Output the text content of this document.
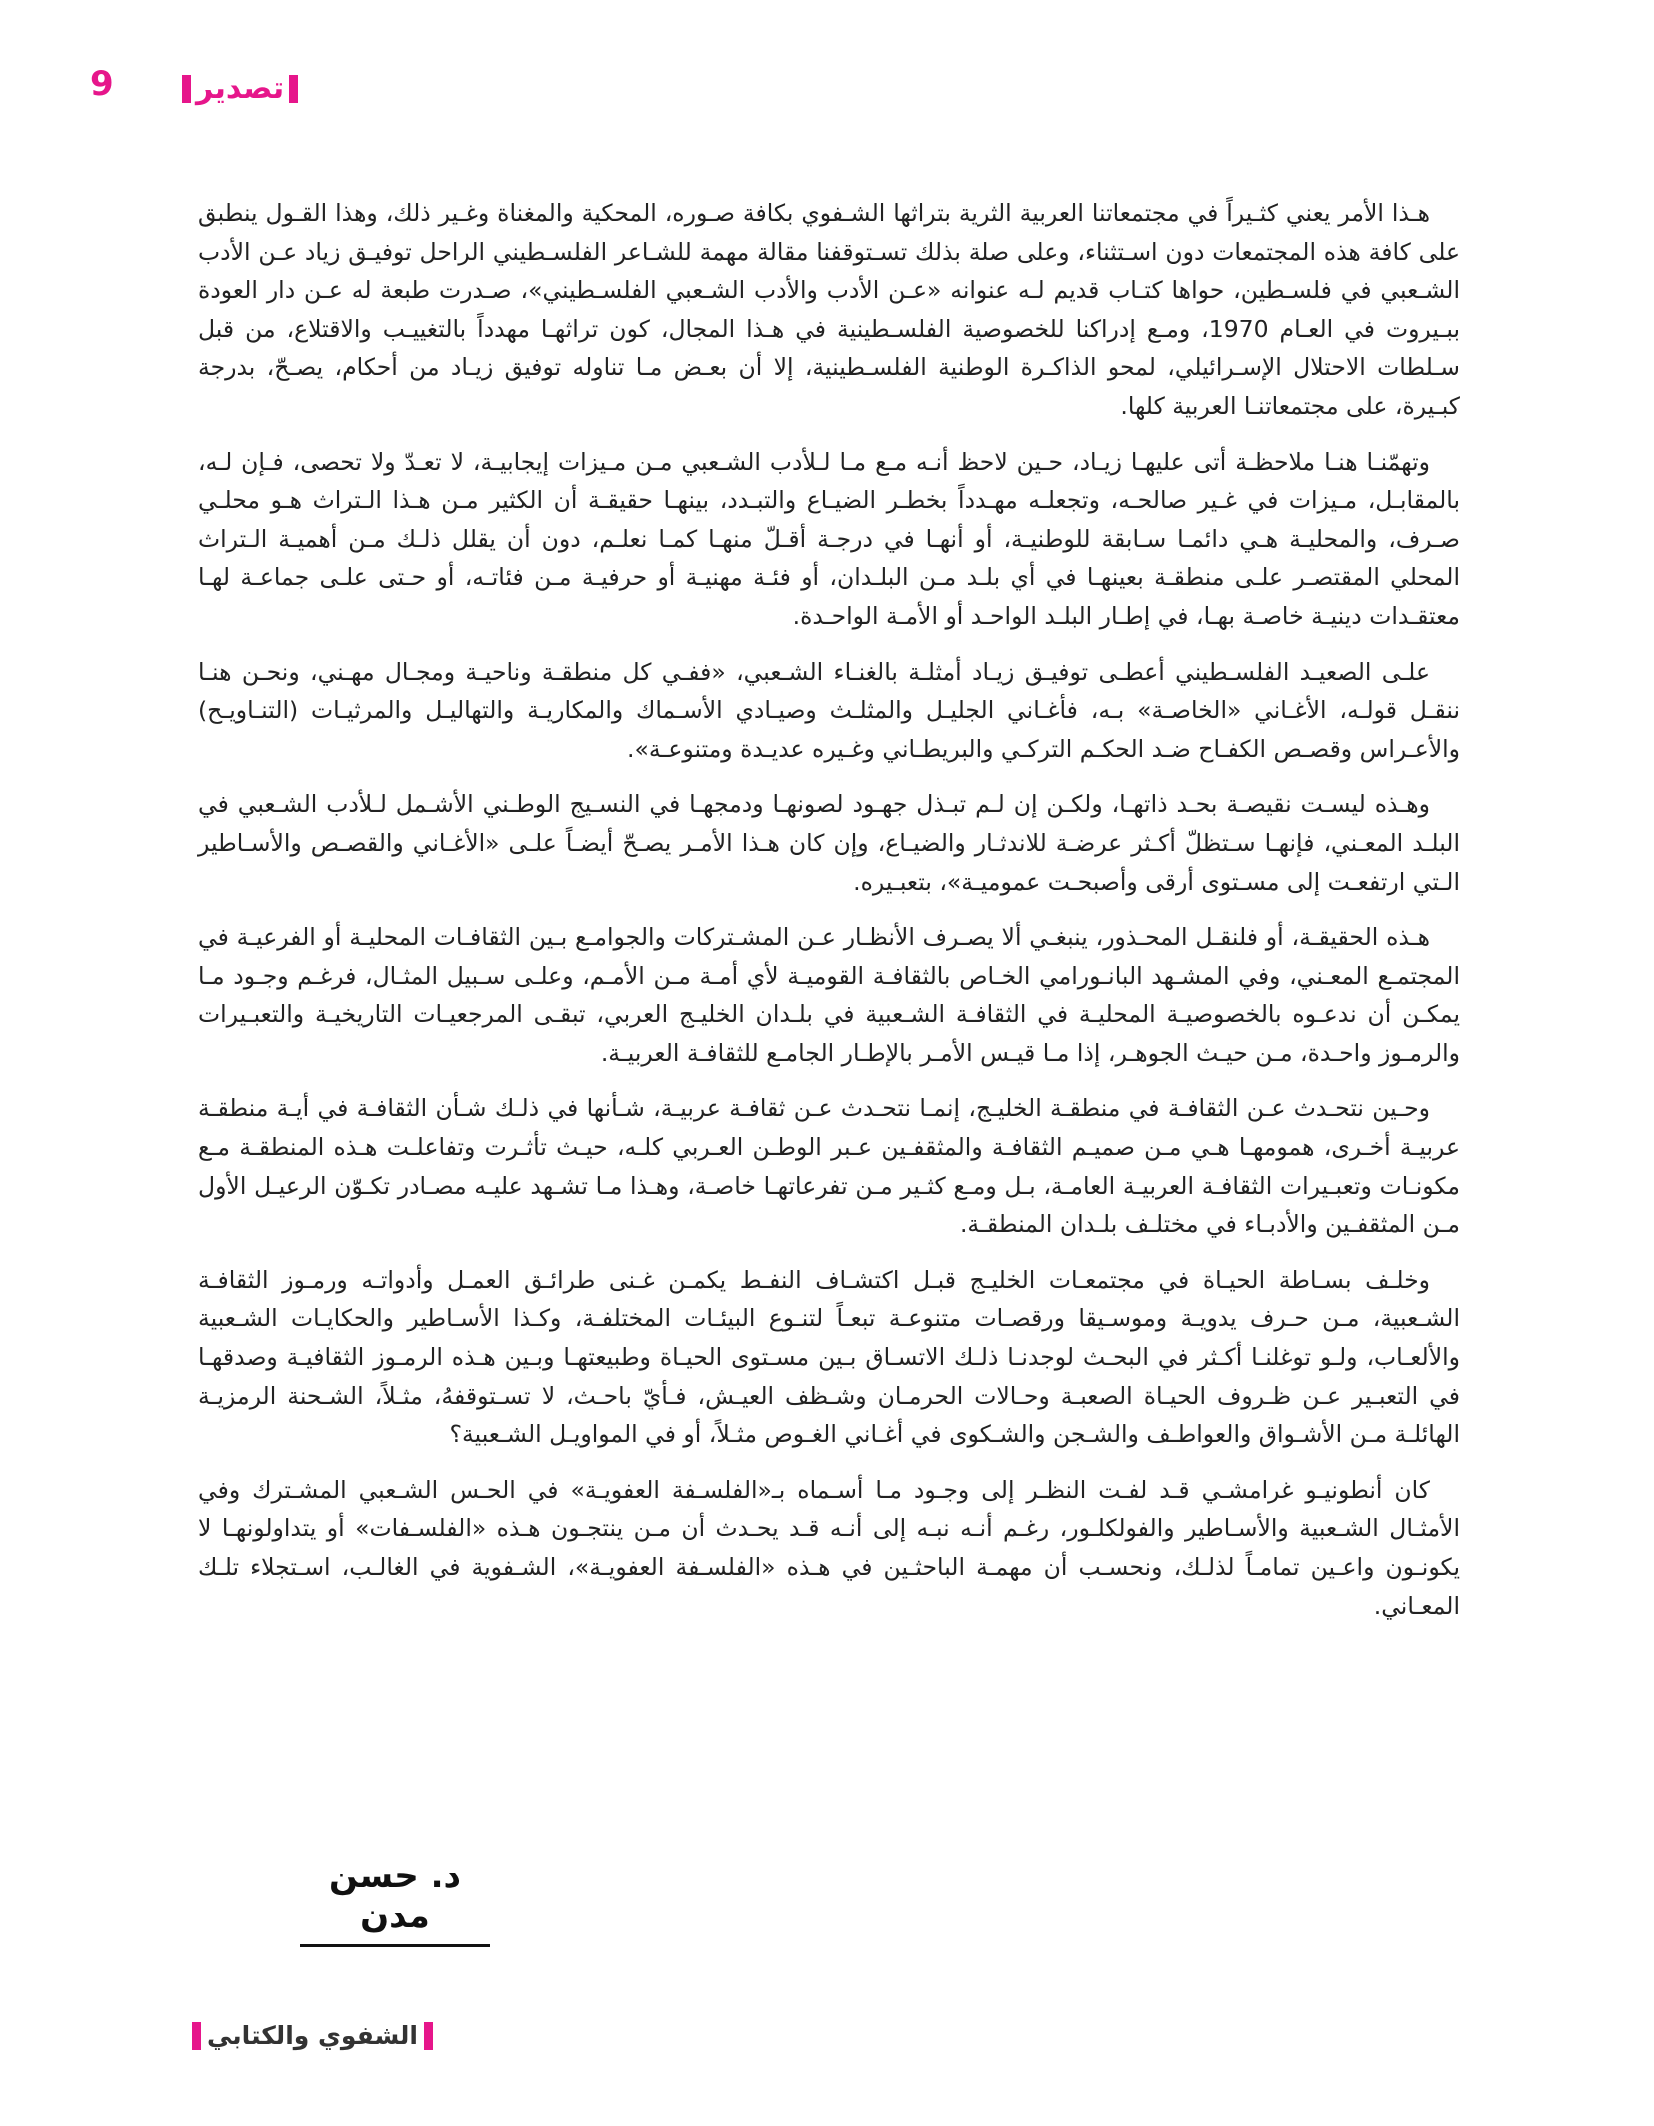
9	تصدير

هـذا الأمر يعني كثـيراً في مجتمعاتنا العربية الثرية بتراثها الشـفوي بكافة صـوره، المحكية والمغناة وغـير ذلك، وهذا القـول ينطبق على كافة هذه المجتمعات دون اسـتثناء، وعلى صلة بذلك تسـتوقفنا مقالة مهمة للشـاعر الفلسـطيني الراحل توفيـق زياد عـن الأدب الشـعبي في فلسـطين، حواها كتـاب قديم لـه عنوانه «عـن الأدب والأدب الشـعبي الفلسـطيني»، صـدرت طبعة له عـن دار العودة ببـيروت في العـام 1970، ومـع إدراكنا للخصوصية الفلسـطينية في هـذا المجال، كون تراثهـا مهدداً بالتغييـب والاقتلاع، من قبل سـلطات الاحتلال الإسـرائيلي، لمحو الذاكـرة الوطنية الفلسـطينية، إلا أن بعـض مـا تناوله توفيق زيـاد من أحكام، يصـحّ، بدرجة كبـيرة، على مجتمعاتنـا العربية كلها.

وتهمّنـا هنـا ملاحظـة أتى عليهـا زيـاد، حـين لاحظ أنـه مـع مـا لـلأدب الشـعبي مـن مـيزات إيجابيـة، لا تعـدّ ولا تحصى، فـإن لـه، بالمقابـل، مـيزات في غـير صالحـه، وتجعلـه مهـدداً بخطـر الضيـاع والتبـدد، بينهـا حقيقـة أن الكثير مـن هـذا الـتراث هـو محلـي صـرف، والمحليـة هـي دائمـا سـابقة للوطنيـة، أو أنهـا في درجـة أقـلّ منهـا كمـا نعلـم، دون أن يقلل ذلـك مـن أهميـة الـتراث المحلي المقتصـر علـى منطقـة بعينهـا في أي بلـد مـن البلـدان، أو فئـة مهنيـة أو حرفيـة مـن فئاتـه، أو حـتى علـى جماعـة لهـا معتقـدات دينيـة خاصـة بهـا، في إطـار البلـد الواحـد أو الأمـة الواحـدة.

علـى الصعيـد الفلسـطيني أعطـى توفيـق زيـاد أمثلـة بالغنـاء الشـعبي، «ففـي كل منطقـة وناحيـة ومجـال مهـني، ونحـن هنـا ننقـل قولـه، الأغـاني «الخاصـة» بـه، فأغـاني الجليـل والمثلـث وصيـادي الأسـماك والمكاريـة والتهاليـل والمرثيـات (التنـاويـح) والأعـراس وقصـص الكفـاح ضـد الحكـم التركـي والبريطـاني وغـيره عديـدة ومتنوعـة».

وهـذه ليسـت نقيصـة بحـد ذاتهـا، ولكـن إن لـم تبـذل جهـود لصونهـا ودمجهـا في النسـيج الوطـني الأشـمل لـلأدب الشـعبي في البلـد المعـني، فإنهـا سـتظلّ أكـثر عرضـة للاندثـار والضيـاع، وإن كان هـذا الأمـر يصـحّ أيضـاً علـى «الأغـاني والقصـص والأسـاطير الـتي ارتفعـت إلى مسـتوى أرقى وأصبحـت عموميـة»، بتعبـيره.

هـذه الحقيقـة، أو فلنقـل المحـذور، ينبغـي ألا يصـرف الأنظـار عـن المشـتركات والجوامـع بـين الثقافـات المحليـة أو الفرعيـة في المجتمـع المعـني، وفي المشـهد البانـورامي الخـاص بالثقافـة القوميـة لأي أمـة مـن الأمـم، وعلـى سـبيل المثـال، فرغـم وجـود مـا يمكـن أن ندعـوه بالخصوصيـة المحليـة في الثقافـة الشـعبية في بلـدان الخليـج العربي، تبقـى المرجعيـات التاريخيـة والتعبـيرات والرمـوز واحـدة، مـن حيـث الجوهـر، إذا مـا قيـس الأمـر بالإطـار الجامـع للثقافـة العربيـة.

وحـين نتحـدث عـن الثقافـة في منطقـة الخليـج، إنمـا نتحـدث عـن ثقافـة عربيـة، شـأنها في ذلـك شـأن الثقافـة في أيـة منطقـة عربيـة أخـرى، همومهـا هـي مـن صميـم الثقافـة والمثقفـين عـبر الوطـن العـربي كلـه، حيـث تأثـرت وتفاعلـت هـذه المنطقـة مـع مكونـات وتعبـيرات الثقافـة العربيـة العامـة، بـل ومـع كثـير مـن تفرعاتهـا خاصـة، وهـذا مـا تشـهد عليـه مصـادر تكـوّن الرعيـل الأول مـن المثقفـين والأدبـاء في مختلـف بلـدان المنطقـة.

وخلـف بسـاطة الحيـاة في مجتمعـات الخليـج قبـل اكتشـاف النفـط يكمـن غـنى طرائـق العمـل وأدواتـه ورمـوز الثقافـة الشـعبية، مـن حـرف يدويـة وموسـيقا ورقصـات متنوعـة تبعـاً لتنـوع البيئـات المختلفـة، وكـذا الأسـاطير والحكايـات الشـعبية والألعـاب، ولـو توغلنـا أكـثر في البحـث لوجدنـا ذلـك الاتسـاق بـين مسـتوى الحيـاة وطبيعتهـا وبـين هـذه الرمـوز الثقافيـة وصدقهـا في التعبـير عـن ظـروف الحيـاة الصعبـة وحـالات الحرمـان وشـظف العيـش، فـأيّ باحـث، لا تسـتوقفهُ، مثـلاً، الشـحنة الرمزيـة الهائلـة مـن الأشـواق والعواطـف والشـجن والشـكوى في أغـاني الغـوص مثـلاً، أو في المواويـل الشـعبية؟

كان أنطونيـو غرامشـي قـد لفـت النظـر إلى وجـود مـا أسـماه بـ«الفلسـفة العفويـة» في الحـس الشـعبي المشـترك وفي الأمثـال الشـعبية والأسـاطير والفولكلـور، رغـم أنـه نبـه إلى أنـه قـد يحـدث أن مـن ينتجـون هـذه «الفلسـفات» أو يتداولونهـا لا يكونـون واعـين تمامـاً لذلـك، ونحسـب أن مهمـة الباحثـين في هـذه «الفلسـفة العفويـة»، الشـفوية في الغالـب، اسـتجلاء تلـك المعـاني.

د. حسن مدن
الشفوي والكتابي
